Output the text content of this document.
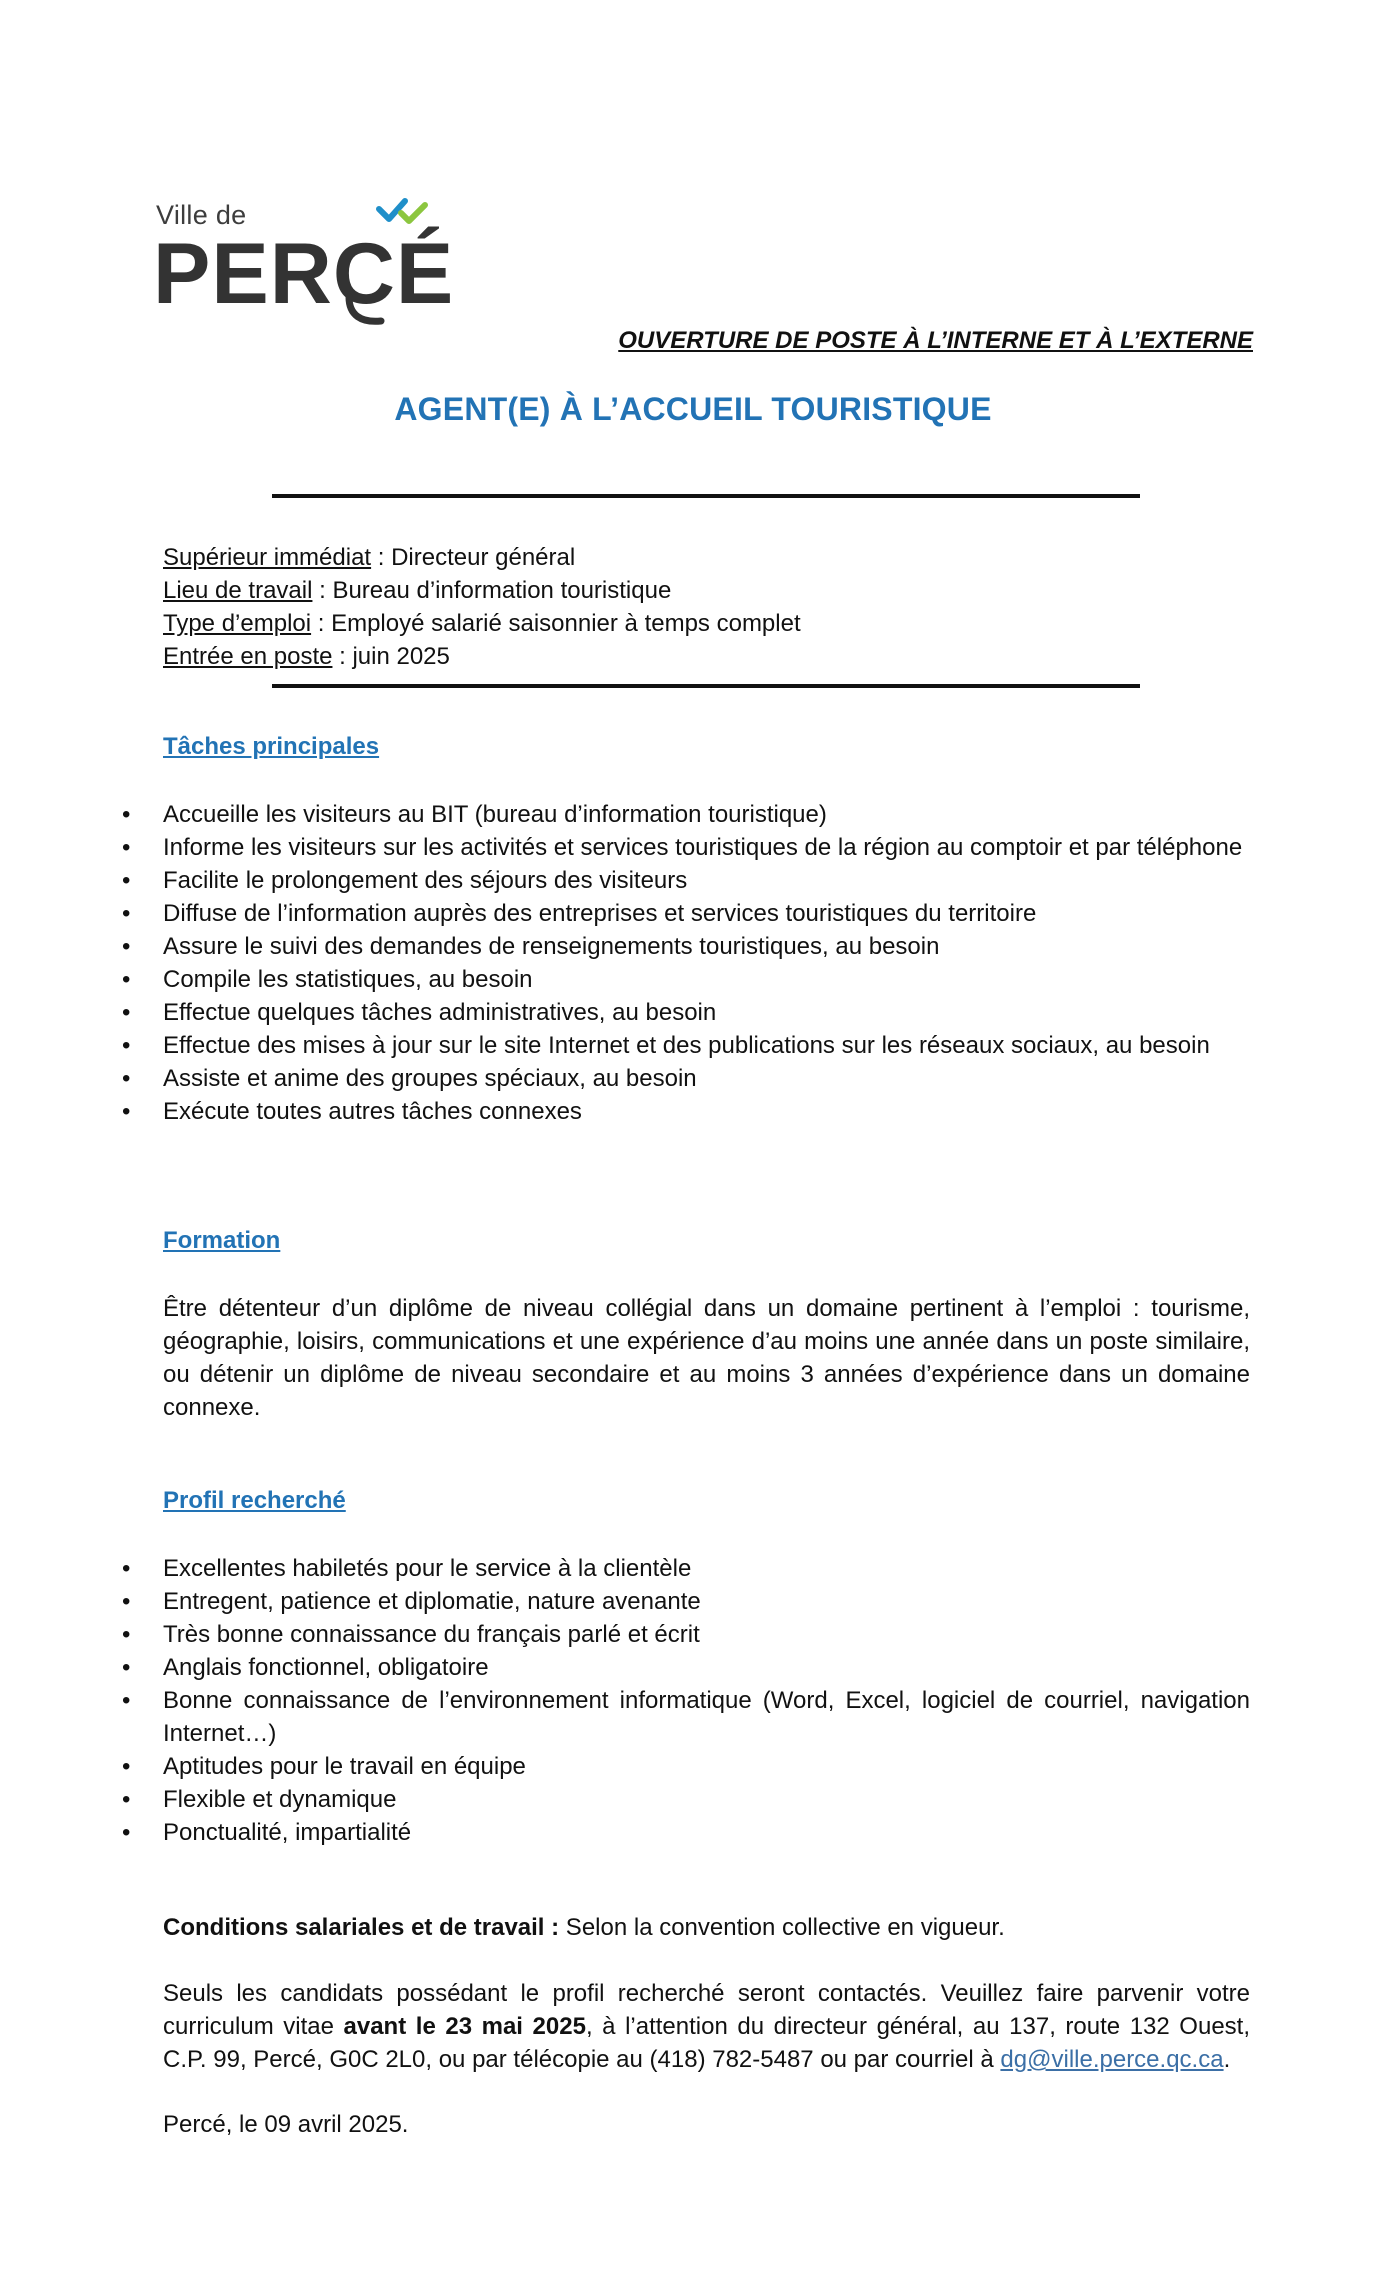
Ville de
PERCÉ
OUVERTURE DE POSTE À L’INTERNE ET À L’EXTERNE
AGENT(E) À L’ACCUEIL TOURISTIQUE
Supérieur immédiat : Directeur général
Lieu de travail : Bureau d’information touristique
Type d’emploi : Employé salarié saisonnier à temps complet
Entrée en poste : juin 2025
Tâches principales
• Accueille les visiteurs au BIT (bureau d’information touristique)
• Informe les visiteurs sur les activités et services touristiques de la région au comptoir et par téléphone
• Facilite le prolongement des séjours des visiteurs
• Diffuse de l’information auprès des entreprises et services touristiques du territoire
• Assure le suivi des demandes de renseignements touristiques, au besoin
• Compile les statistiques, au besoin
• Effectue quelques tâches administratives, au besoin
• Effectue des mises à jour sur le site Internet et des publications sur les réseaux sociaux, au besoin
• Assiste et anime des groupes spéciaux, au besoin
• Exécute toutes autres tâches connexes
Formation
Être détenteur d’un diplôme de niveau collégial dans un domaine pertinent à l’emploi : tourisme, géographie, loisirs, communications et une expérience d’au moins une année dans un poste similaire, ou détenir un diplôme de niveau secondaire et au moins 3 années d’expérience dans un domaine connexe.
Profil recherché
• Excellentes habiletés pour le service à la clientèle
• Entregent, patience et diplomatie, nature avenante
• Très bonne connaissance du français parlé et écrit
• Anglais fonctionnel, obligatoire
• Bonne connaissance de l’environnement informatique (Word, Excel, logiciel de courriel, navigation Internet…)
• Aptitudes pour le travail en équipe
• Flexible et dynamique
• Ponctualité, impartialité
Conditions salariales et de travail : Selon la convention collective en vigueur.
Seuls les candidats possédant le profil recherché seront contactés. Veuillez faire parvenir votre curriculum vitae avant le 23 mai 2025, à l’attention du directeur général, au 137, route 132 Ouest, C.P. 99, Percé, G0C 2L0, ou par télécopie au (418) 782-5487 ou par courriel à dg@ville.perce.qc.ca.
Percé, le 09 avril 2025.
